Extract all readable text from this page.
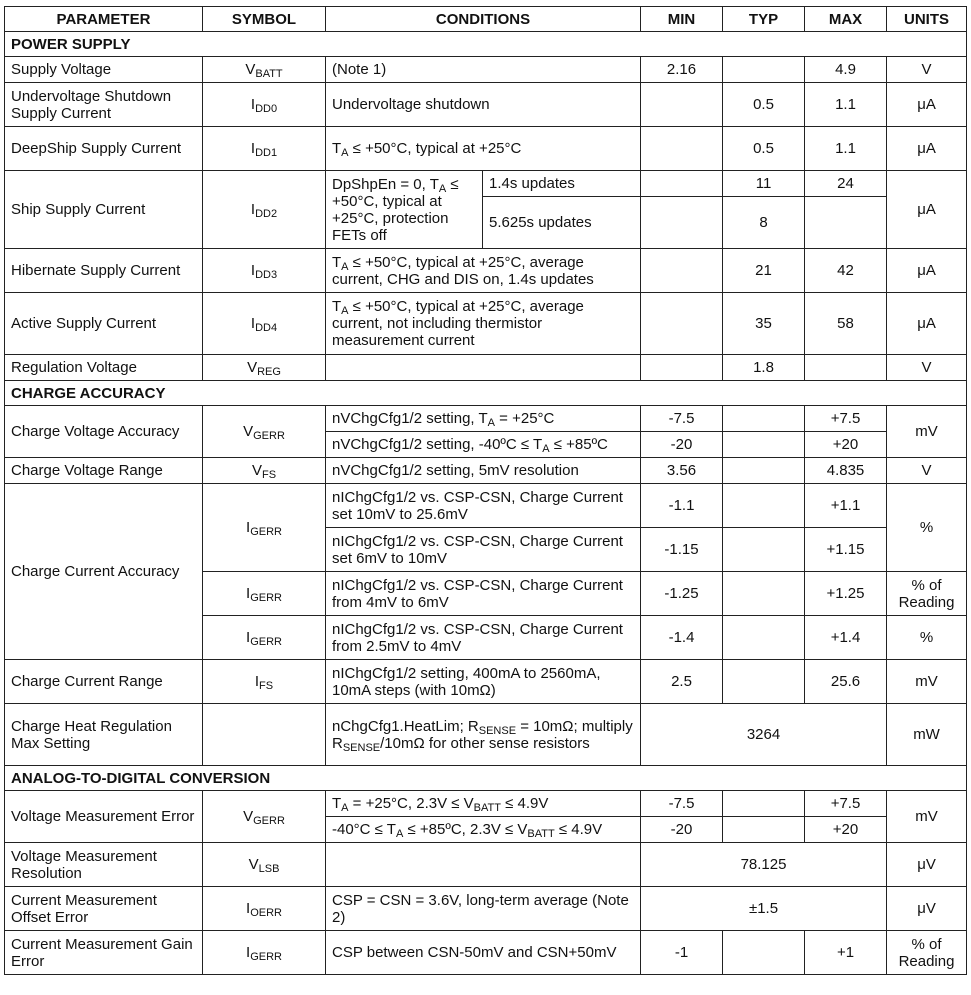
PARAMETER	SYMBOL	CONDITIONS		MIN	TYP	MAX	UNITS
POWER SUPPLY							
Supply Voltage	$V_{BATT}$	(Note 1)		2.16		4.9	V
Undervoltage Shutdown Supply Current	$I_{DD0}$	Undervoltage shutdown			0.5	1.1	μA
DeepShip Supply Current	$I_{DD1}$	$T_A \le +50^\circ C$, typical at +25°C			0.5	1.1	μA
Ship Supply Current	$I_{DD2}$	DpShpEn = 0, $T_A \le +50^\circ C$, typical at +25°C, protection FETs off	1.4s updates		11	24	μA
			5.625s updates		8		
Hibernate Supply Current	$I_{DD3}$	$T_A \le +50^\circ C$, typical at +25°C, average current, CHG and DIS on, 1.4s updates			21	42	μA
Active Supply Current	$I_{DD4}$	$T_A \le +50^\circ C$, typical at +25°C, average current, not including thermistor measurement current			35	58	μA
Regulation Voltage	$V_{REG}$				1.8		V
CHARGE ACCURACY							
Charge Voltage Accuracy	$V_{GERR}$	nVChgCfg1/2 setting, $T_A = +25^\circ C$		-7.5		+7.5	mV
		nVChgCfg1/2 setting, -40ºC ≤ $T_A$ ≤ +85ºC		-20		+20	
Charge Voltage Range	$V_{FS}$	nVChgCfg1/2 setting, 5mV resolution		3.56		4.835	V
Charge Current Accuracy	$I_{GERR}$	nIChgCfg1/2 vs. CSP-CSN, Charge Current set 10mV to 25.6mV		-1.1		+1.1	%
		nIChgCfg1/2 vs. CSP-CSN, Charge Current set 6mV to 10mV		-1.15		+1.15	
	$I_{GERR}$	nIChgCfg1/2 vs. CSP-CSN, Charge Current from 4mV to 6mV		-1.25		+1.25	% of Reading
	$I_{GERR}$	nIChgCfg1/2 vs. CSP-CSN, Charge Current from 2.5mV to 4mV		-1.4		+1.4	%
Charge Current Range	$I_{FS}$	nIChgCfg1/2 setting, 400mA to 2560mA, 10mA steps (with 10mΩ)		2.5		25.6	mV
Charge Heat Regulation Max Setting		nChgCfg1.HeatLim; $R_{SENSE} = 10m\Omega$; multiply $R_{SENSE}/10m\Omega$ for other sense resistors		3264			mW
ANALOG-TO-DIGITAL CONVERSION							
Voltage Measurement Error	$V_{GERR}$	$T_A = +25^\circ C$, $2.3V \le V_{BATT} \le 4.9V$		-7.5		+7.5	mV
		$-40^\circ C \le T_A$ ≤ +85ºC, $2.3V \le V_{BATT} \le 4.9V$		-20		+20	
Voltage Measurement Resolution	$V_{LSB}$			78.125			μV
Current Measurement Offset Error	$I_{OERR}$	CSP = CSN = 3.6V, long-term average (Note 2)		±1.5			μV
Current Measurement Gain Error	$I_{GERR}$	CSP between CSN-50mV and CSN+50mV		-1		+1	% of Reading
